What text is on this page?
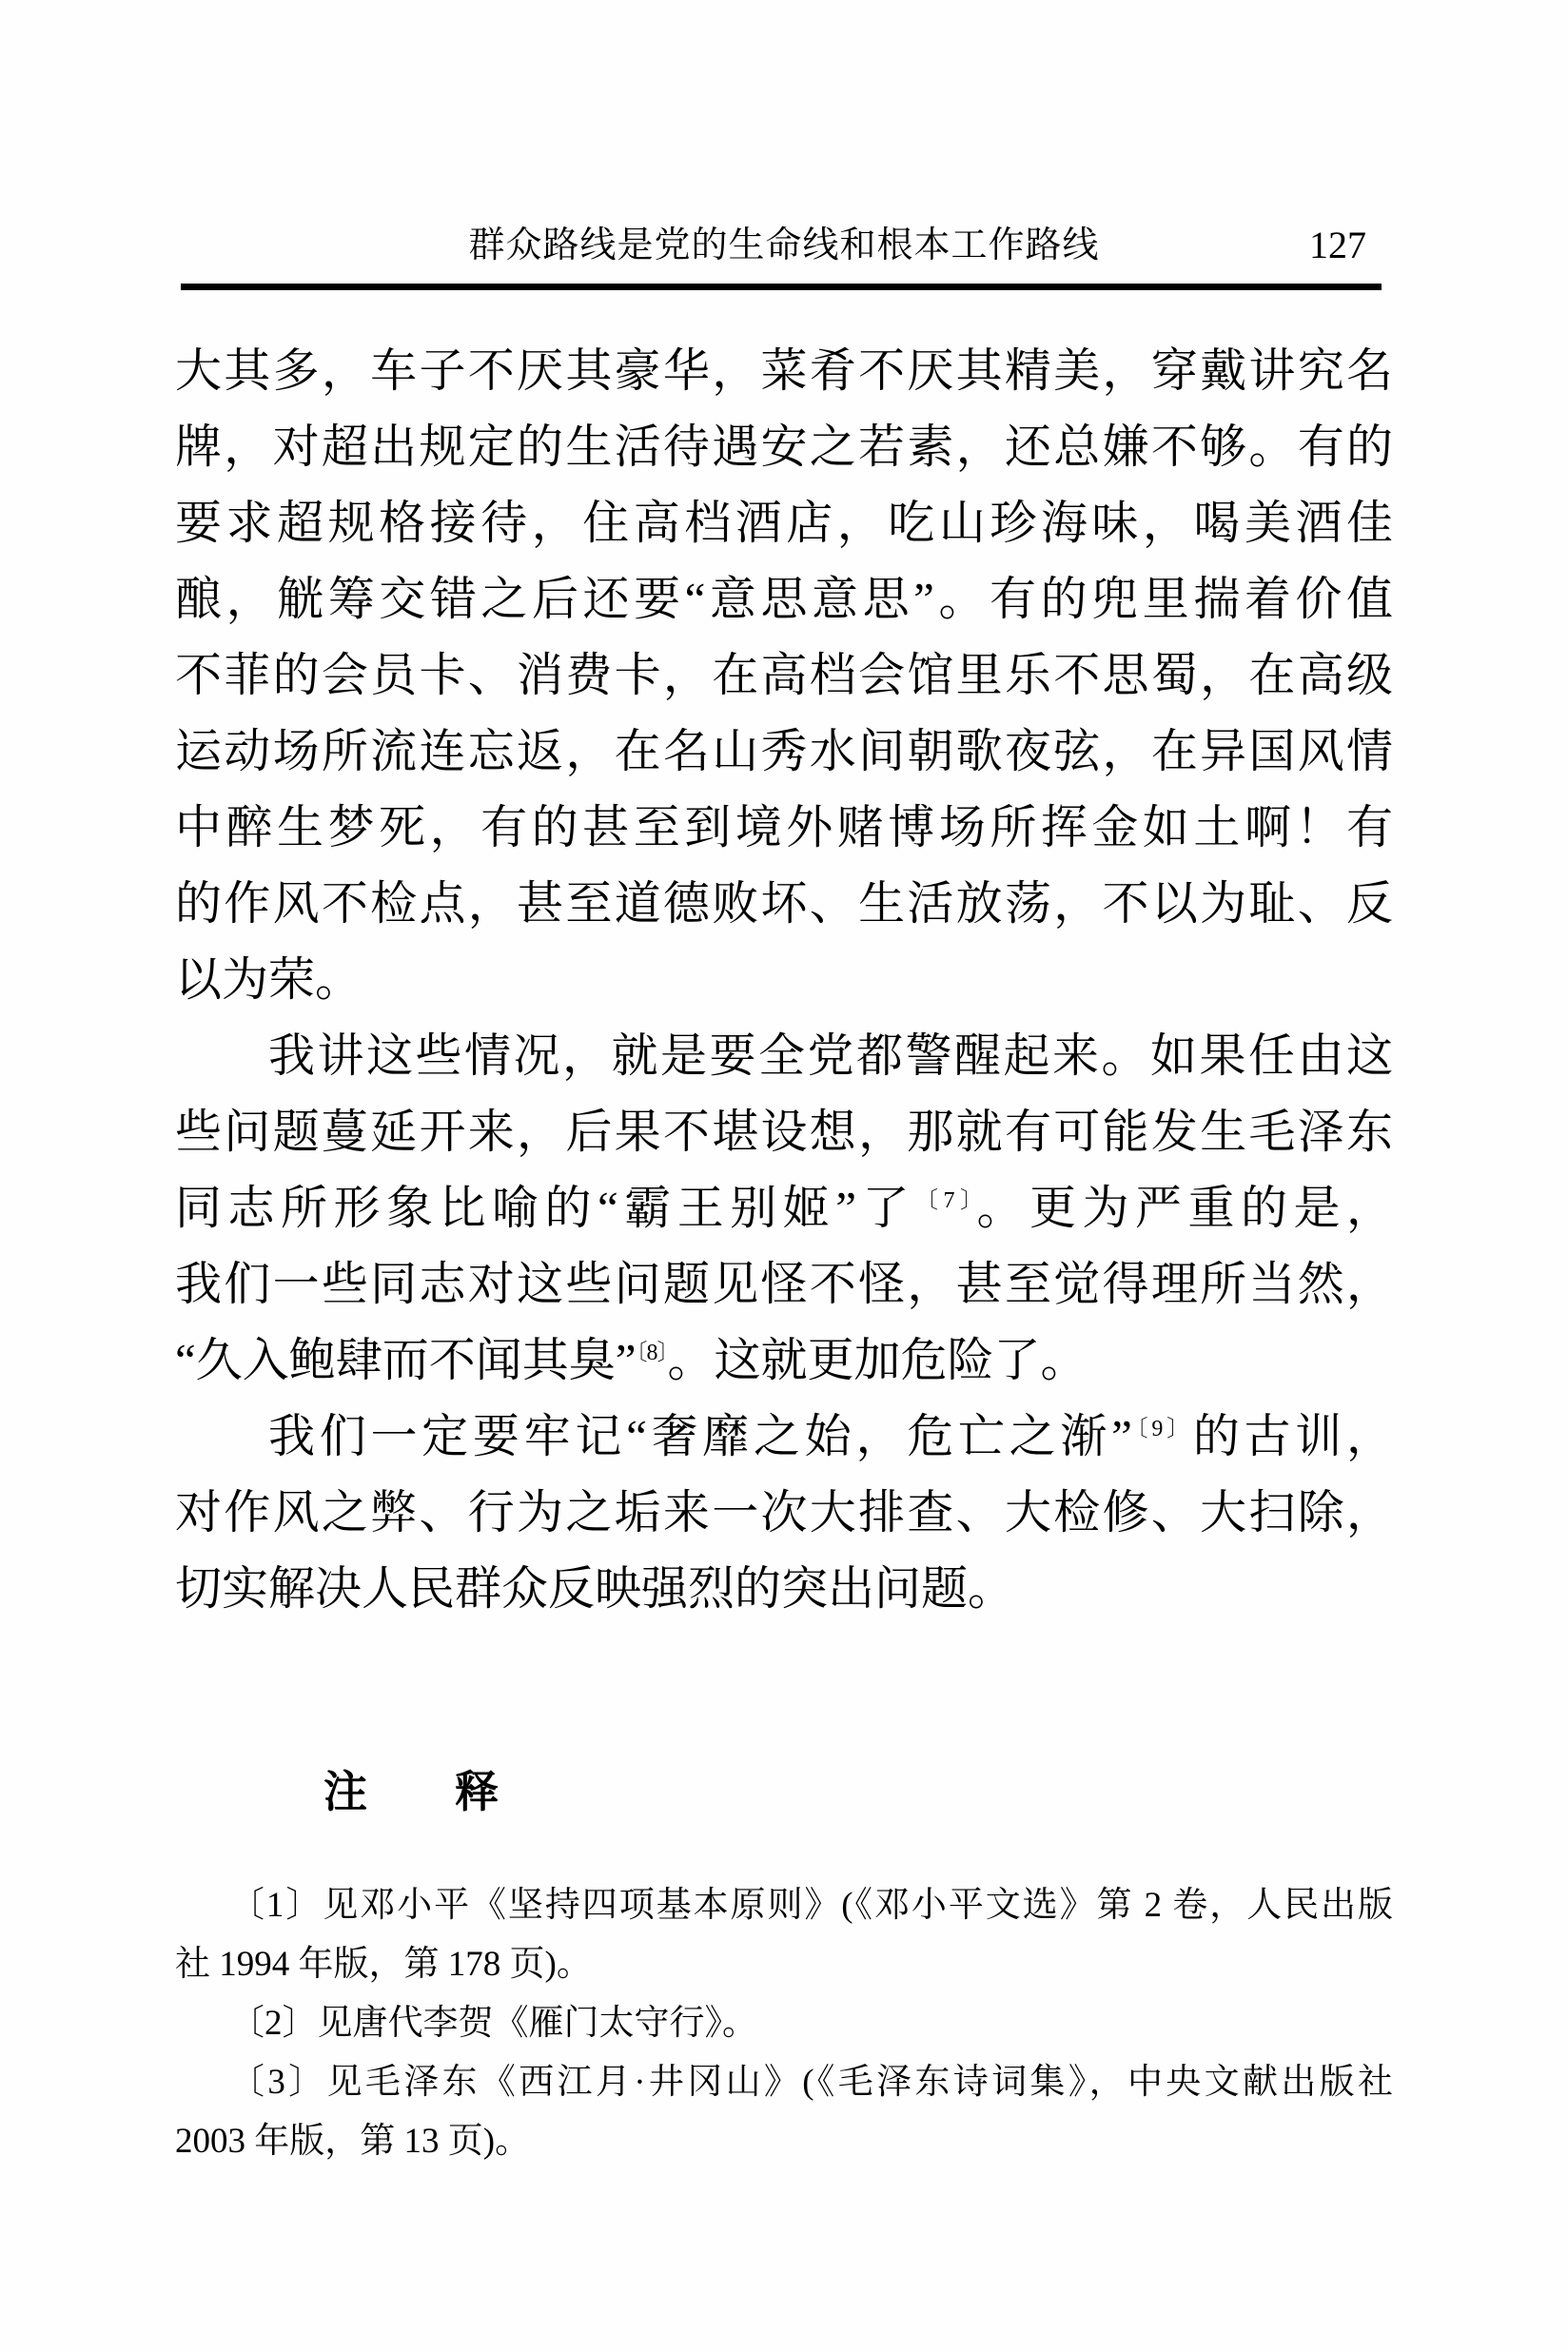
群众路线是党的生命线和根本工作路线	127
大其多，车子不厌其豪华，菜肴不厌其精美，穿戴讲究名
牌，对超出规定的生活待遇安之若素，还总嫌不够。有的
要求超规格接待，住高档酒店，吃山珍海味，喝美酒佳
酿，觥筹交错之后还要“意思意思”。有的兜里揣着价值
不菲的会员卡、消费卡，在高档会馆里乐不思蜀，在高级
运动场所流连忘返，在名山秀水间朝歌夜弦，在异国风情
中醉生梦死，有的甚至到境外赌博场所挥金如土啊！有
的作风不检点，甚至道德败坏、生活放荡，不以为耻、反
以为荣。
我讲这些情况，就是要全党都警醒起来。如果任由这
些问题蔓延开来，后果不堪设想，那就有可能发生毛泽东
同志所形象比喻的“霸王别姬”了$^{〔7〕}$。更为严重的是，
我们一些同志对这些问题见怪不怪，甚至觉得理所当然，
“久入鲍肆而不闻其臭”$^{〔8〕}$。这就更加危险了。
我们一定要牢记“奢靡之始，危亡之渐”$^{〔9〕}$的古训，
对作风之弊、行为之垢来一次大排查、大检修、大扫除，
切实解决人民群众反映强烈的突出问题。
注　　释
〔1〕见邓小平《坚持四项基本原则》(《邓小平文选》第 2 卷，人民出版
社 1994 年版，第 178 页)。
〔2〕见唐代李贺《雁门太守行》。
〔3〕见毛泽东《西江月·井冈山》(《毛泽东诗词集》，中央文献出版社
2003 年版，第 13 页)。
